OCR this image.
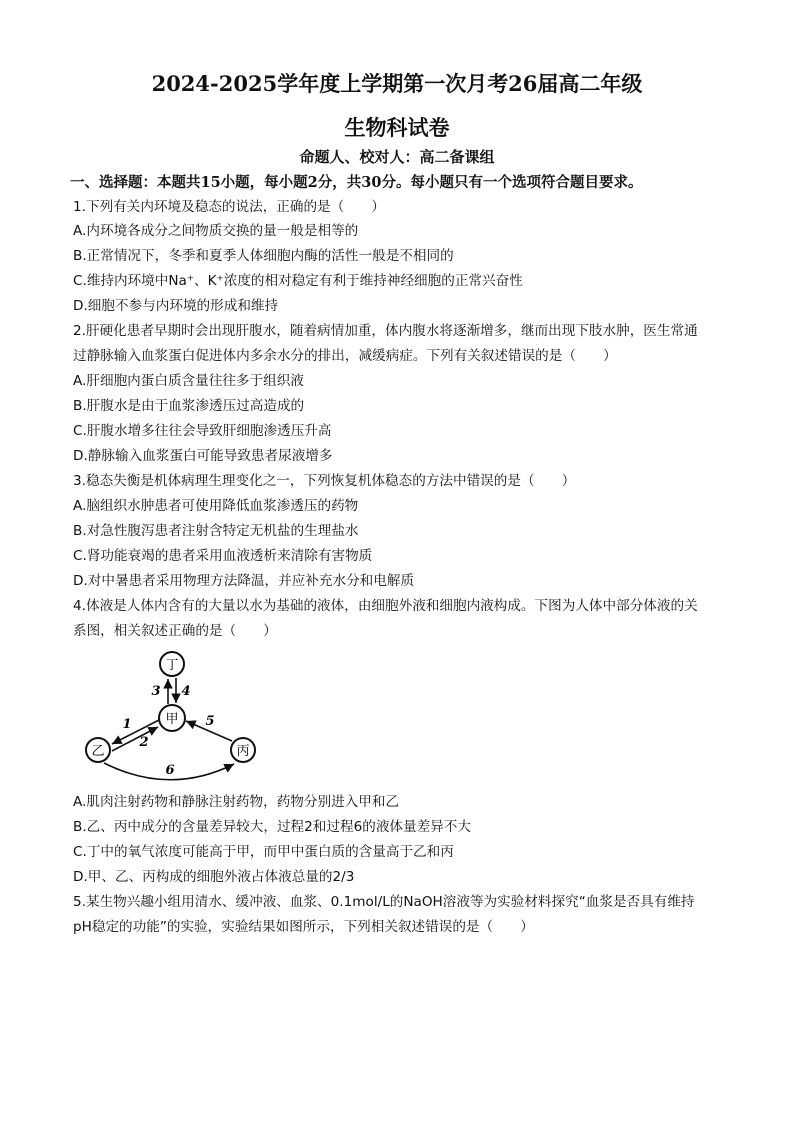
2024-2025学年度上学期第一次月考26届高二年级
生物科试卷
命题人、校对人：高二备课组
一、选择题：本题共15小题，每小题2分，共30分。每小题只有一个选项符合题目要求。
1.下列有关内环境及稳态的说法，正确的是（　　）
A.内环境各成分之间物质交换的量一般是相等的
B.正常情况下，冬季和夏季人体细胞内酶的活性一般是不相同的
C.维持内环境中Na⁺、K⁺浓度的相对稳定有利于维持神经细胞的正常兴奋性
D.细胞不参与内环境的形成和维持
2.肝硬化患者早期时会出现肝腹水，随着病情加重，体内腹水将逐渐增多，继而出现下肢水肿，医生常通
过静脉输入血浆蛋白促进体内多余水分的排出，减缓病症。下列有关叙述错误的是（　　）
A.肝细胞内蛋白质含量往往多于组织液
B.肝腹水是由于血浆渗透压过高造成的
C.肝腹水增多往往会导致肝细胞渗透压升高
D.静脉输入血浆蛋白可能导致患者尿液增多
3.稳态失衡是机体病理生理变化之一，下列恢复机体稳态的方法中错误的是（　　）
A.脑组织水肿患者可使用降低血浆渗透压的药物
B.对急性腹泻患者注射含特定无机盐的生理盐水
C.肾功能衰竭的患者采用血液透析来清除有害物质
D.对中暑患者采用物理方法降温，并应补充水分和电解质
4.体液是人体内含有的大量以水为基础的液体，由细胞外液和细胞内液构成。下图为人体中部分体液的关
系图，相关叙述正确的是（　　）
丁
甲
乙	丙
3 4
1
2
5
6
A.肌肉注射药物和静脉注射药物，药物分别进入甲和乙
B.乙、丙中成分的含量差异较大，过程2和过程6的液体量差异不大
C.丁中的氧气浓度可能高于甲，而甲中蛋白质的含量高于乙和丙
D.甲、乙、丙构成的细胞外液占体液总量的2/3
5.某生物兴趣小组用清水、缓冲液、血浆、0.1mol/L的NaOH溶液等为实验材料探究“血浆是否具有维持
pH稳定的功能”的实验，实验结果如图所示，下列相关叙述错误的是（　　）
